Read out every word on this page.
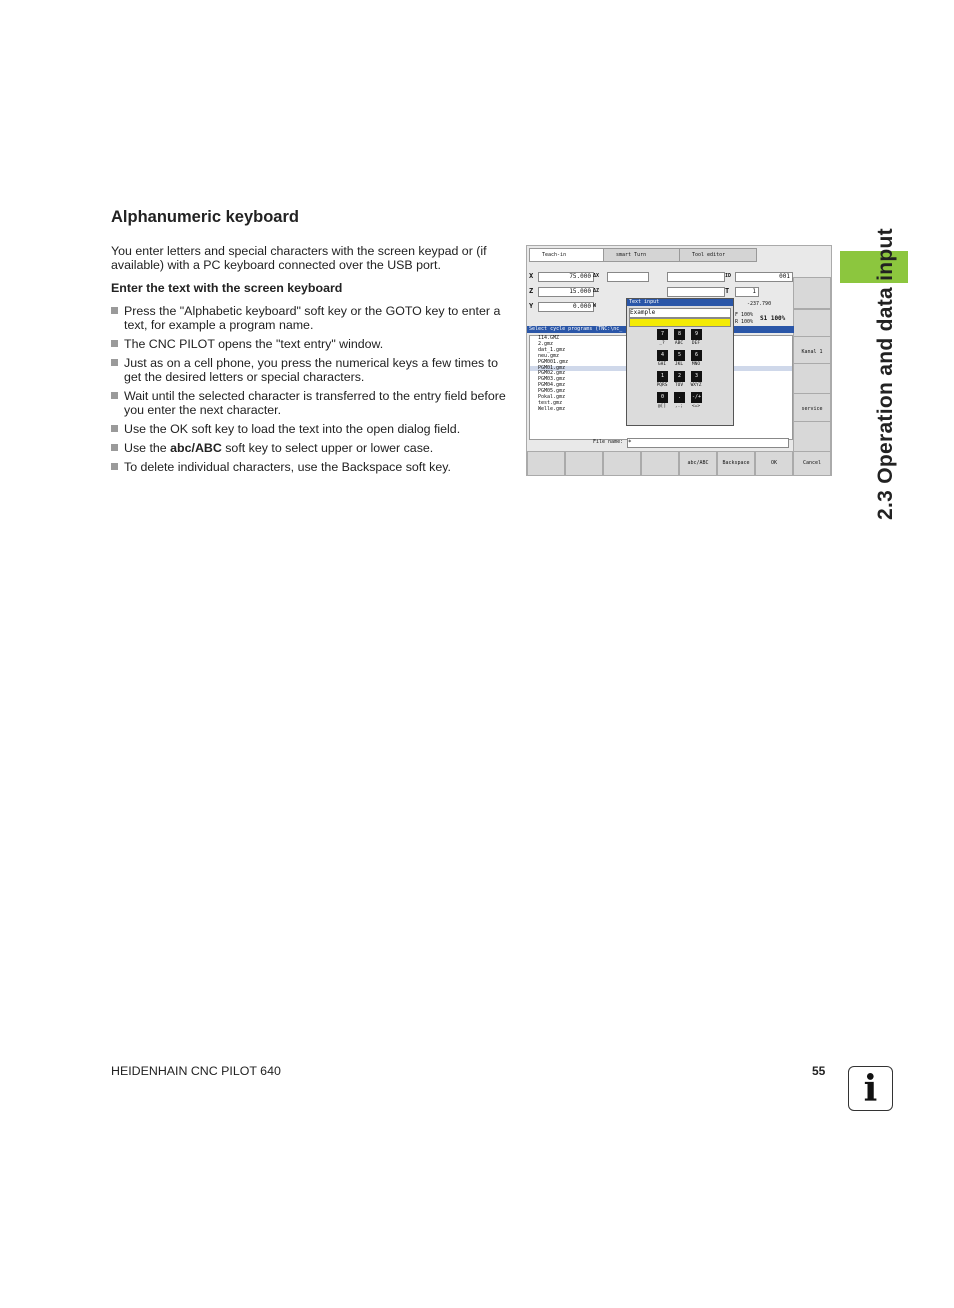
Alphanumeric keyboard

You enter letters and special characters with the screen keypad or (if available) with a PC keyboard connected over the USB port.

Enter the text with the screen keyboard

Press the "Alphabetic keyboard" soft key or the GOTO key to enter a text, for example a program name.
The CNC PILOT opens the "text entry" window.
Just as on a cell phone, you press the numerical keys a few times to get the desired letters or special characters.
Wait until the selected character is transferred to the entry field before you enter the next character.
Use the OK soft key to load the text into the open dialog field.
Use the abc/ABC soft key to select upper or lower case.
To delete individual characters, use the Backspace soft key.	2.3 Operation and data input
Teach-in	smart Turn	Tool editor
X	75.000 ΔX
Z	15.000 ΔZ
Y	0.000 W
ID	001
T	1
-237.790
F 100%
R 100% S1 100%
Kanal 1
service
Select cycle programs (TNC:\nc_
114.GMZ
2.gmz
dat_1.gmz
neu.gmz
PGM001.gmz
PGM01.gmz
PGM02.gmz
PGM03.gmz
PGM04.gmz
PGM05.gmz
Pokal.gmz
test.gmz
Welle.gmz
File name: *
Text input
Example
7
_?
8
ABC
9
DEF
4
GHI
5
JKL
6
MNO
1
PQRS
2
TUV
3
WXYZ
0
@[]
.
,.;
-/+
<=>
abc/ABC	Backspace	OK	Cancel
HEIDENHAIN CNC PILOT 640	55	i
